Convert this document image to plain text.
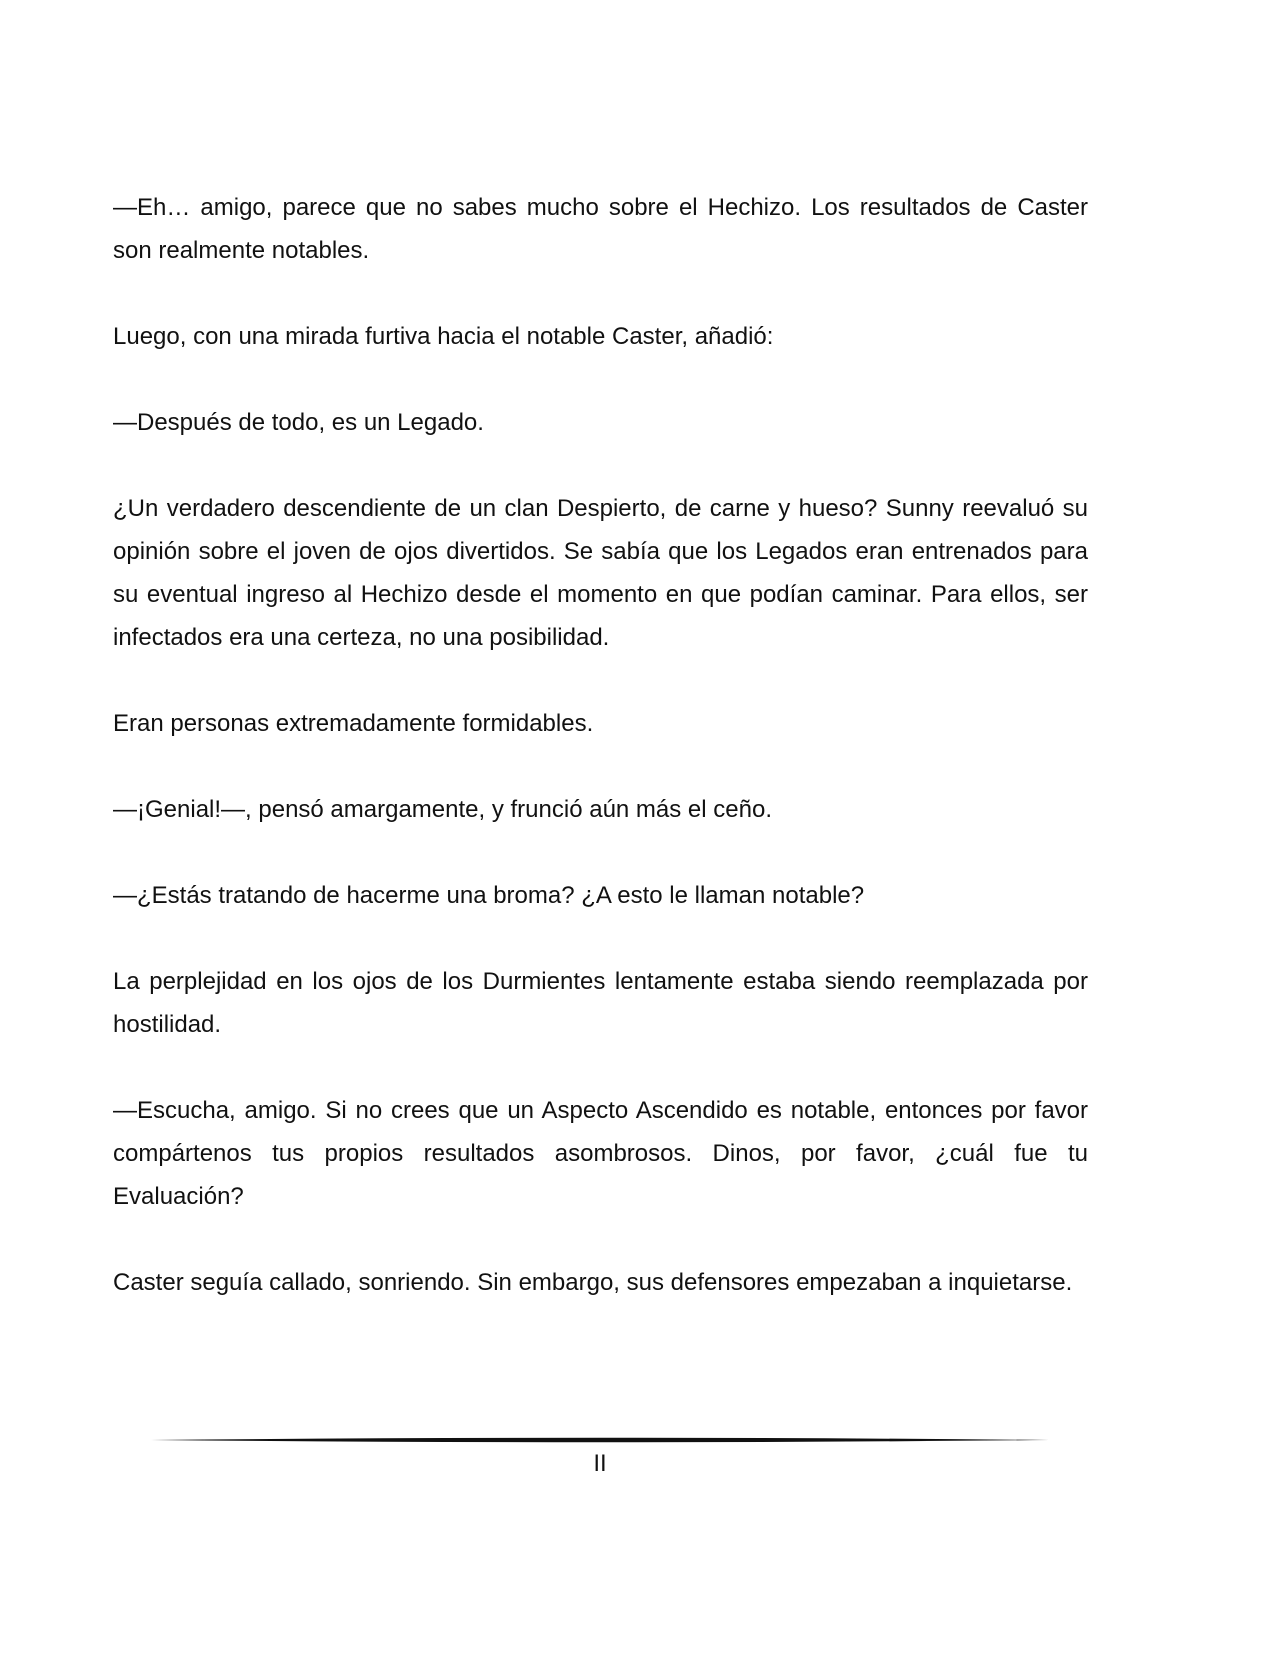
—Eh… amigo, parece que no sabes mucho sobre el Hechizo. Los resultados de Caster son realmente notables.

Luego, con una mirada furtiva hacia el notable Caster, añadió:

—Después de todo, es un Legado.

¿Un verdadero descendiente de un clan Despierto, de carne y hueso? Sunny reevaluó su opinión sobre el joven de ojos divertidos. Se sabía que los Legados eran entrenados para su eventual ingreso al Hechizo desde el momento en que podían caminar. Para ellos, ser infectados era una certeza, no una posibilidad.

Eran personas extremadamente formidables.

—¡Genial!—, pensó amargamente, y frunció aún más el ceño.

—¿Estás tratando de hacerme una broma? ¿A esto le llaman notable?

La perplejidad en los ojos de los Durmientes lentamente estaba siendo reemplazada por hostilidad.

—Escucha, amigo. Si no crees que un Aspecto Ascendido es notable, entonces por favor compártenos tus propios resultados asombrosos. Dinos, por favor, ¿cuál fue tu Evaluación?

Caster seguía callado, sonriendo. Sin embargo, sus defensores empezaban a inquietarse.

II
